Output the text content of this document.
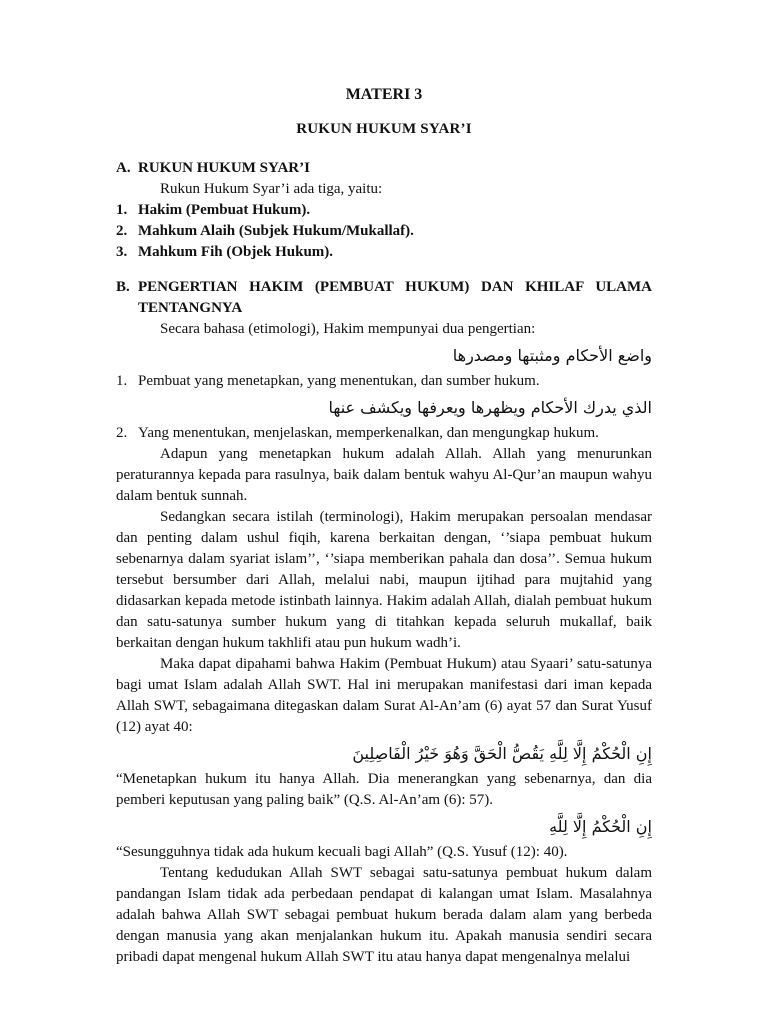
MATERI 3
RUKUN HUKUM SYAR’I
A. RUKUN HUKUM SYAR’I
Rukun Hukum Syar’i ada tiga, yaitu:
1. Hakim (Pembuat Hukum).
2. Mahkum Alaih (Subjek Hukum/Mukallaf).
3. Mahkum Fih (Objek Hukum).
B. PENGERTIAN HAKIM (PEMBUAT HUKUM) DAN KHILAF ULAMA TENTANGNYA
Secara bahasa (etimologi), Hakim mempunyai dua pengertian:
واضع الأحكام ومثبتها ومصدرها
1. Pembuat yang menetapkan, yang menentukan, dan sumber hukum.
الذي يدرك الأحكام ويظهرها ويعرفها ويكشف عنها
2. Yang menentukan, menjelaskan, memperkenalkan, dan mengungkap hukum.

Adapun yang menetapkan hukum adalah Allah. Allah yang menurunkan peraturannya kepada para rasulnya, baik dalam bentuk wahyu Al-Qur’an maupun wahyu dalam bentuk sunnah.

Sedangkan secara istilah (terminologi), Hakim merupakan persoalan mendasar dan penting dalam ushul fiqih, karena berkaitan dengan, ‘’siapa pembuat hukum sebenarnya dalam syariat islam’’, ‘’siapa memberikan pahala dan dosa’’. Semua hukum tersebut bersumber dari Allah, melalui nabi, maupun ijtihad para mujtahid yang didasarkan kepada metode istinbath lainnya. Hakim adalah Allah, dialah pembuat hukum dan satu-satunya sumber hukum yang di titahkan kepada seluruh mukallaf, baik berkaitan dengan hukum takhlifi atau pun hukum wadh’i.

Maka dapat dipahami bahwa Hakim (Pembuat Hukum) atau Syaari’ satu-satunya bagi umat Islam adalah Allah SWT. Hal ini merupakan manifestasi dari iman kepada Allah SWT, sebagaimana ditegaskan dalam Surat Al-An’am (6) ayat 57 dan Surat Yusuf (12) ayat 40:

إِنِ الْحُكْمُ إِلَّا لِلَّهِ يَقُصُّ الْحَقَّ وَهُوَ خَيْرُ الْفَاصِلِينَ

“Menetapkan hukum itu hanya Allah. Dia menerangkan yang sebenarnya, dan dia pemberi keputusan yang paling baik” (Q.S. Al-An’am (6): 57).

إِنِ الْحُكْمُ إِلَّا لِلَّهِ

“Sesungguhnya tidak ada hukum kecuali bagi Allah” (Q.S. Yusuf (12): 40).

Tentang kedudukan Allah SWT sebagai satu-satunya pembuat hukum dalam pandangan Islam tidak ada perbedaan pendapat di kalangan umat Islam. Masalahnya adalah bahwa Allah SWT sebagai pembuat hukum berada dalam alam yang berbeda dengan manusia yang akan menjalankan hukum itu. Apakah manusia sendiri secara pribadi dapat mengenal hukum Allah SWT itu atau hanya dapat mengenalnya melalui
